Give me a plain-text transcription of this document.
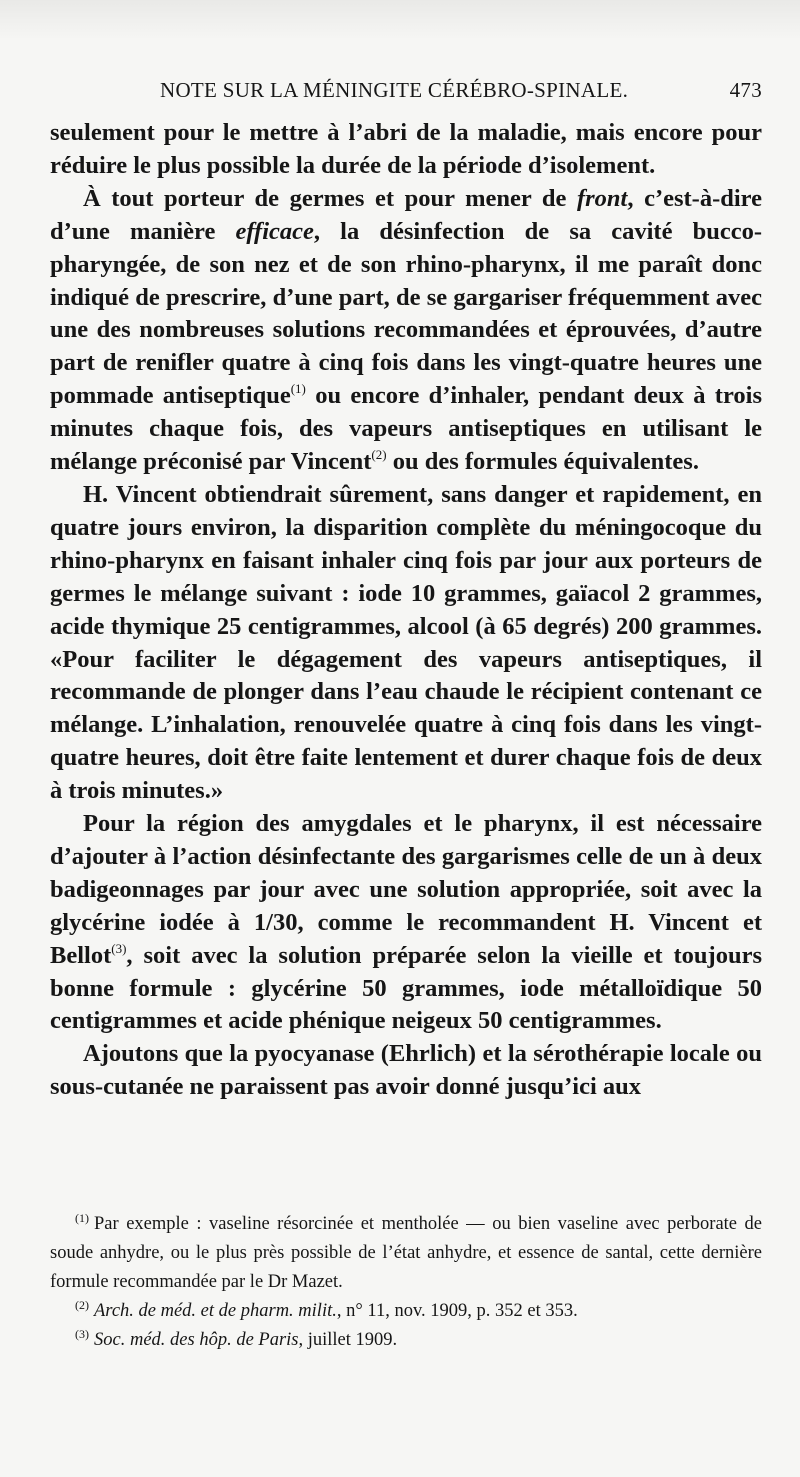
NOTE SUR LA MÉNINGITE CÉRÉBRO-SPINALE.	473

seulement pour le mettre à l’abri de la maladie, mais encore pour réduire le plus possible la durée de la période d’isolement.

À tout porteur de germes et pour mener de front, c’est-à-dire d’une manière efficace, la désinfection de sa cavité bucco-pharyngée, de son nez et de son rhino-pharynx, il me paraît donc indiqué de prescrire, d’une part, de se gargariser fréquemment avec une des nombreuses solutions recommandées et éprouvées, d’autre part de renifler quatre à cinq fois dans les vingt-quatre heures une pommade antiseptique$^{(1)}$ ou encore d’inhaler, pendant deux à trois minutes chaque fois, des vapeurs antiseptiques en utilisant le mélange préconisé par Vincent$^{(2)}$ ou des formules équivalentes.

H. Vincent obtiendrait sûrement, sans danger et rapidement, en quatre jours environ, la disparition complète du méningocoque du rhino-pharynx en faisant inhaler cinq fois par jour aux porteurs de germes le mélange suivant : iode 10 grammes, gaïacol 2 grammes, acide thymique 25 centigrammes, alcool (à 65 degrés) 200 grammes. «Pour faciliter le dégagement des vapeurs antiseptiques, il recommande de plonger dans l’eau chaude le récipient contenant ce mélange. L’inhalation, renouvelée quatre à cinq fois dans les vingt-quatre heures, doit être faite lentement et durer chaque fois de deux à trois minutes.»

Pour la région des amygdales et le pharynx, il est nécessaire d’ajouter à l’action désinfectante des gargarismes celle de un à deux badigeonnages par jour avec une solution appropriée, soit avec la glycérine iodée à 1/30, comme le recommandent H. Vincent et Bellot$^{(3)}$, soit avec la solution préparée selon la vieille et toujours bonne formule : glycérine 50 grammes, iode métalloïdique 50 centigrammes et acide phénique neigeux 50 centigrammes.

Ajoutons que la pyocyanase (Ehrlich) et la sérothérapie locale ou sous-cutanée ne paraissent pas avoir donné jusqu’ici aux

$^{(1)}$ Par exemple : vaseline résorcinée et mentholée — ou bien vaseline avec perborate de soude anhydre, ou le plus près possible de l’état anhydre, et essence de santal, cette dernière formule recommandée par le Dr Mazet.

$^{(2)}$ Arch. de méd. et de pharm. milit., n° 11, nov. 1909, p. 352 et 353.

$^{(3)}$ Soc. méd. des hôp. de Paris, juillet 1909.
